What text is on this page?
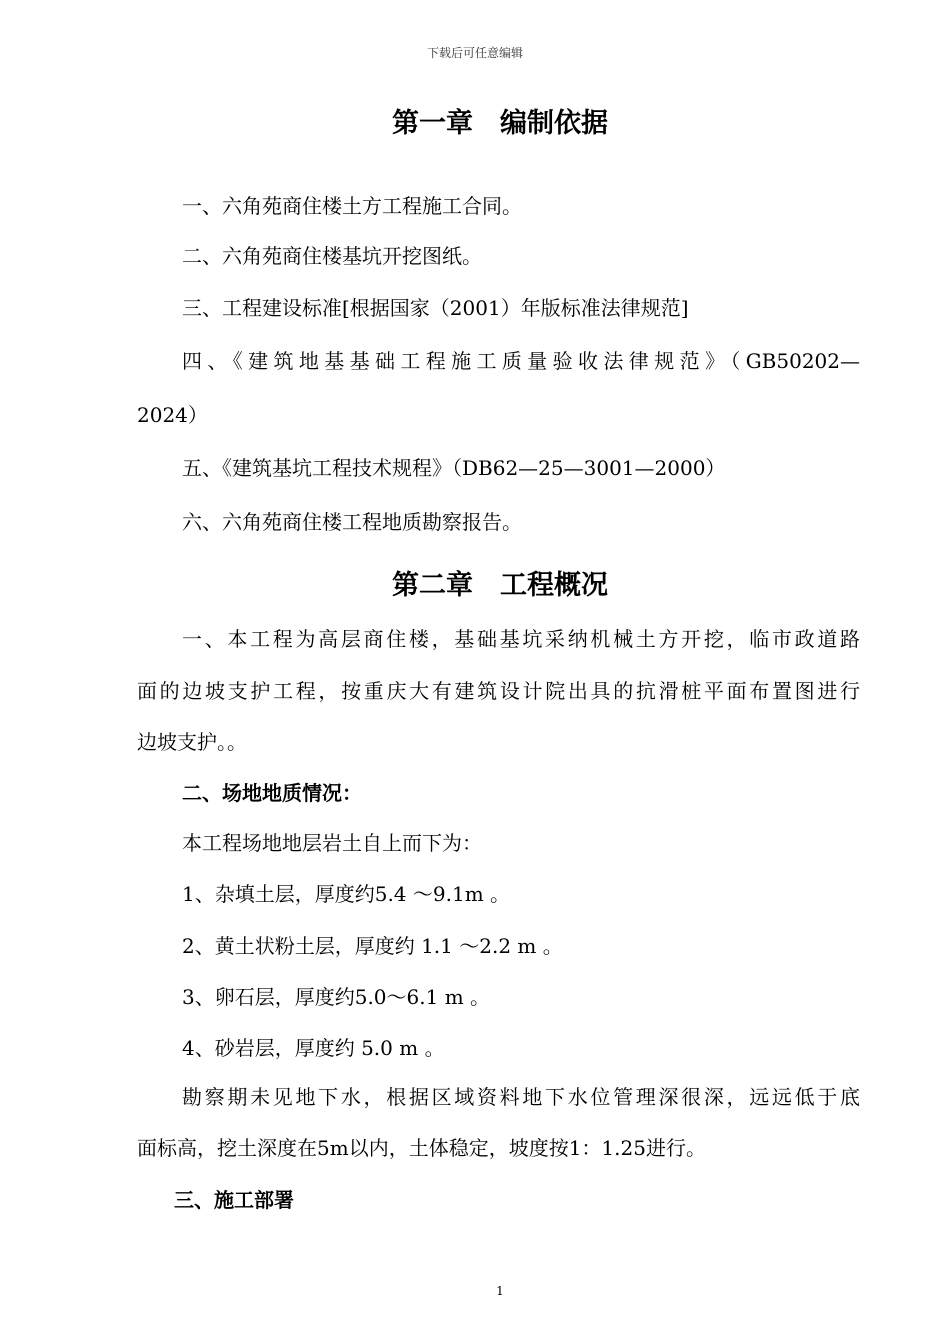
下载后可任意编辑
第一章　编制依据
一、六角苑商住楼土方工程施工合同。
二、六角苑商住楼基坑开挖图纸。
三、工程建设标准[根据国家（2001）年版标准法律规范]
四、《建筑地基基础工程施工质量验收法律规范》（GB50202—
2024）
五、《建筑基坑工程技术规程》（DB62—25—3001—2000）
六、六角苑商住楼工程地质勘察报告。
第二章　工程概况
一、本工程为高层商住楼，基础基坑采纳机械土方开挖，临市政道路
面的边坡支护工程，按重庆大有建筑设计院出具的抗滑桩平面布置图进行
边坡支护。。
二、场地地质情况：
本工程场地地层岩土自上而下为：
1、杂填土层，厚度约5.4 ～9.1m 。
2、黄土状粉土层，厚度约 1.1 ～2.2 m 。
3、卵石层，厚度约5.0～6.1 m 。
4、砂岩层，厚度约 5.0 m 。
勘察期未见地下水，根据区域资料地下水位管理深很深，远远低于底
面标高，挖土深度在5m以内，土体稳定，坡度按1：1.25进行。
三、施工部署
1
